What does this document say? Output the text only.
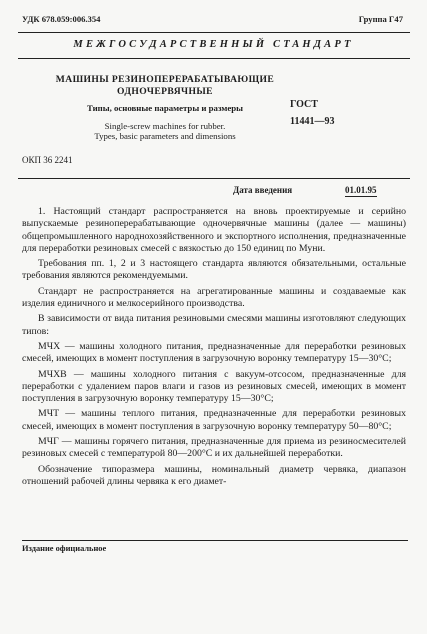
УДК 678.059:006.354	Группа Г47
МЕЖГОСУДАРСТВЕННЫЙ СТАНДАРТ
МАШИНЫ РЕЗИНОПЕРЕРАБАТЫВАЮЩИЕ
ОДНОЧЕРВЯЧНЫЕ
Типы, основные параметры и размеры
Single-screw machines for rubber.
Types, basic parameters and dimensions
ГОСТ
11441—93
ОКП 36 2241
Дата введения	01.01.95

1. Настоящий стандарт распространяется на вновь проектируемые и серийно выпускаемые резиноперерабатывающие одночервячные машины (далее — машины) общепромышленного народнохозяйственного и экспортного исполнения, предназначенные для переработки резиновых смесей с вязкостью до 150 единиц по Муни.

Требования пп. 1, 2 и 3 настоящего стандарта являются обязательными, остальные требования являются рекомендуемыми.

Стандарт не распространяется на агрегатированные машины и создаваемые как изделия единичного и мелкосерийного производства.

В зависимости от вида питания резиновыми смесями машины изготовляют следующих типов:

МЧХ — машины холодного питания, предназначенные для переработки резиновых смесей, имеющих в момент поступления в загрузочную воронку температуру 15—30°С;

МЧХВ — машины холодного питания с вакуум-отсосом, предназначенные для переработки с удалением паров влаги и газов из резиновых смесей, имеющих в момент поступления в загрузочную воронку температуру 15—30°С;

МЧТ — машины теплого питания, предназначенные для переработки резиновых смесей, имеющих в момент поступления в загрузочную воронку температуру 50—80°С;

МЧГ — машины горячего питания, предназначенные для приема из резиносмесителей резиновых смесей с температурой 80—200°С и их дальнейшей переработки.

Обозначение типоразмера машины, номинальный диаметр червяка, диапазон отношений рабочей длины червяка к его диамет-

Издание официальное
